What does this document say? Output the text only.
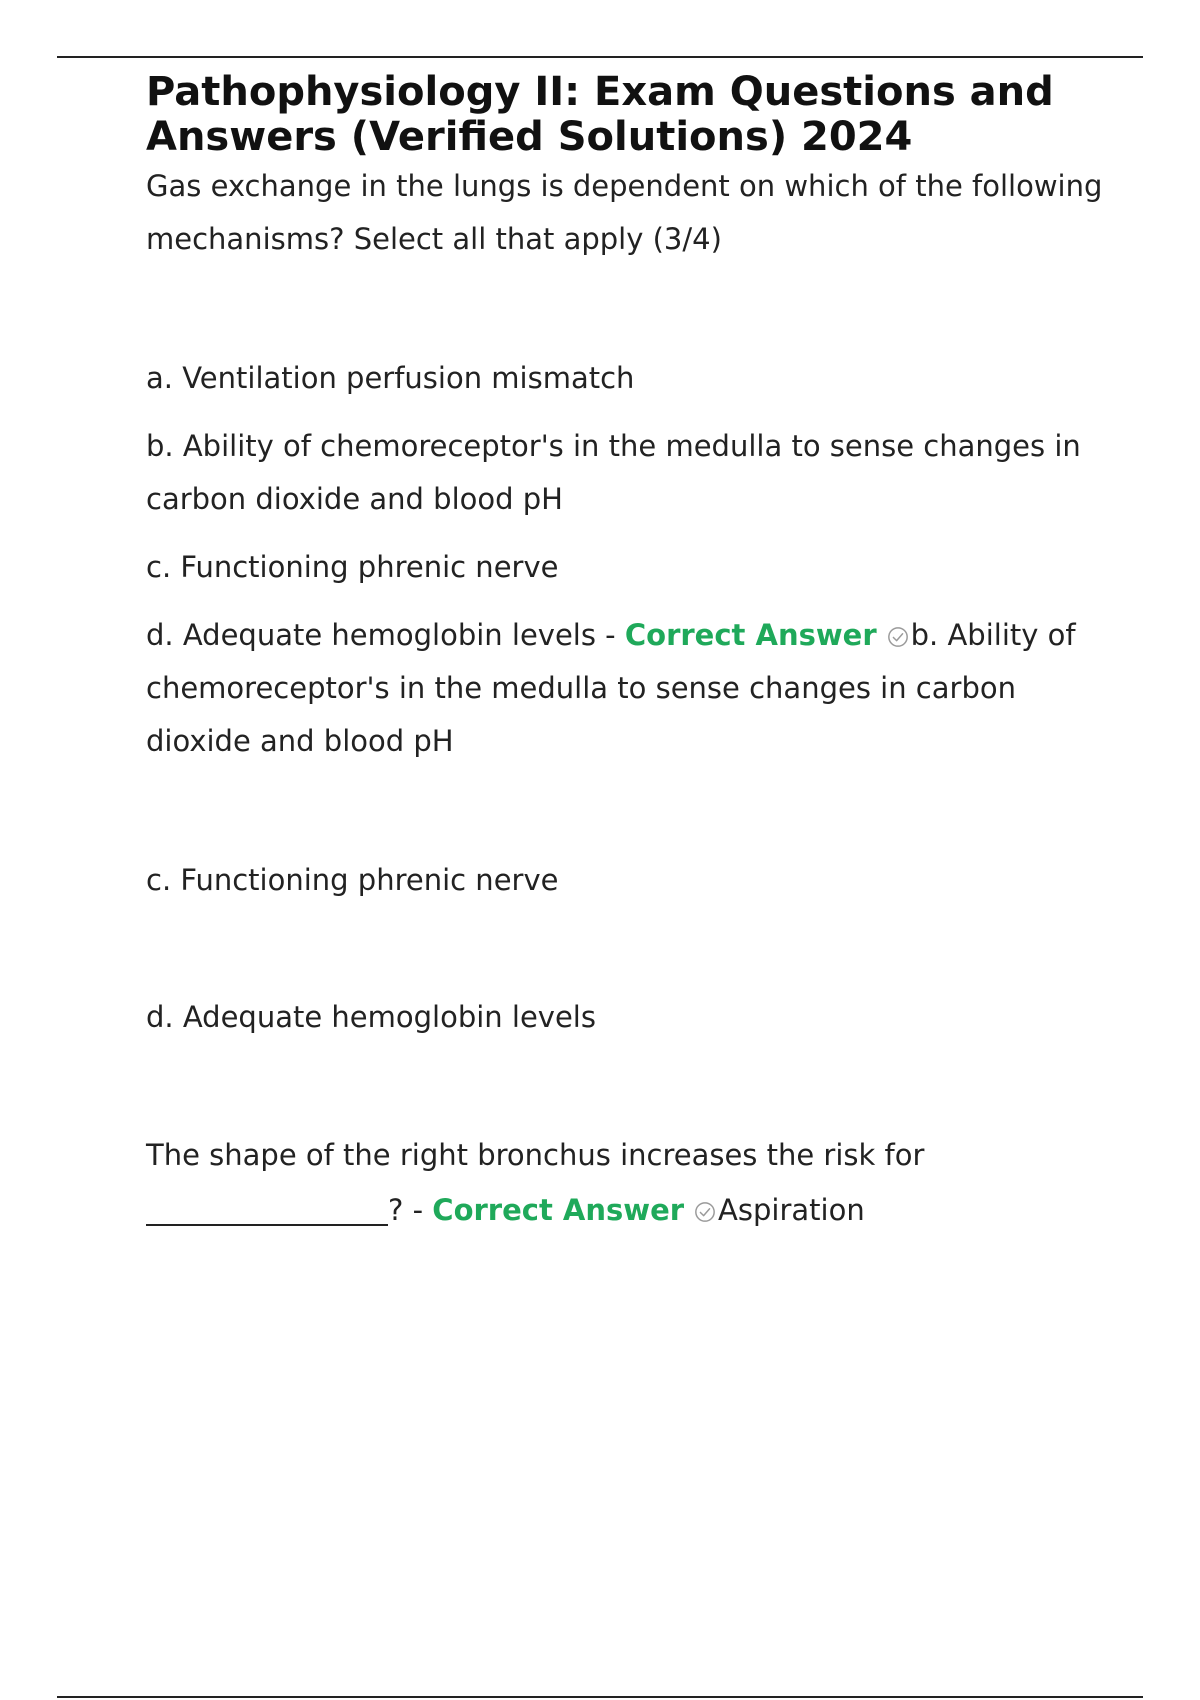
Pathophysiology II: Exam Questions and Answers (Verified Solutions) 2024

Gas exchange in the lungs is dependent on which of the following mechanisms? Select all that apply (3/4)

a. Ventilation perfusion mismatch

b. Ability of chemoreceptor's in the medulla to sense changes in carbon dioxide and blood pH

c. Functioning phrenic nerve

d. Adequate hemoglobin levels - Correct Answer b. Ability of chemoreceptor's in the medulla to sense changes in carbon dioxide and blood pH

c. Functioning phrenic nerve

d. Adequate hemoglobin levels

The shape of the right bronchus increases the risk for
? - Correct Answer Aspiration
